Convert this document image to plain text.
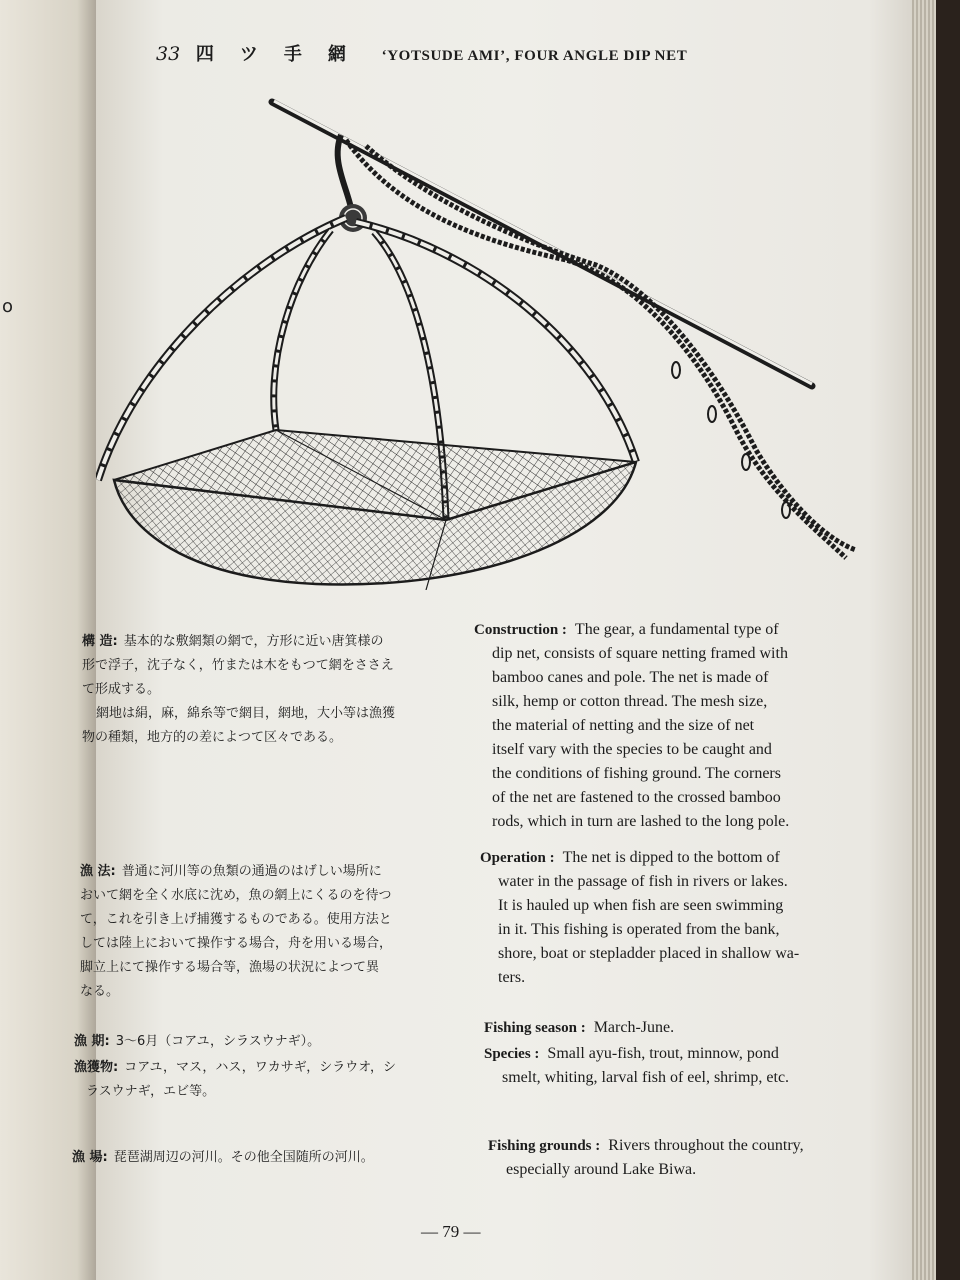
o
33 四ツ手網 ‘YOTSUDE AMI’, FOUR ANGLE DIP NET

構 造: 基本的な敷網類の網で，方形に近い唐箕様の

形で浮子，沈子なく，竹または木をもつて網をささえ

て形成する。

網地は絹，麻，綿糸等で網目，網地，大小等は漁獲

物の種類，地方的の差によつて区々である。

Construction : The gear, a fundamental type of

dip net, consists of square netting framed with

bamboo canes and pole. The net is made of

silk, hemp or cotton thread. The mesh size,

the material of netting and the size of net

itself vary with the species to be caught and

the conditions of fishing ground. The corners

of the net are fastened to the crossed bamboo

rods, which in turn are lashed to the long pole.

漁 法: 普通に河川等の魚類の通過のはげしい場所に

おいて網を全く水底に沈め，魚の網上にくるのを待つ

て，これを引き上げ捕獲するものである。使用方法と

しては陸上において操作する場合，舟を用いる場合，

脚立上にて操作する場合等，漁場の状況によつて異

なる。

Operation : The net is dipped to the bottom of

water in the passage of fish in rivers or lakes.

It is hauled up when fish are seen swimming

in it. This fishing is operated from the bank,

shore, boat or stepladder placed in shallow wa-

ters.

漁 期: 3～6月（コアユ，シラスウナギ）。

Fishing season : March-June.

漁獲物: コアユ，マス，ハス，ワカサギ，シラウオ，シ

ラスウナギ，エビ等。

Species : Small ayu-fish, trout, minnow, pond

smelt, whiting, larval fish of eel, shrimp, etc.

漁 場: 琵琶湖周辺の河川。その他全国随所の河川。

Fishing grounds : Rivers throughout the country,

especially around Lake Biwa.

— 79 —
